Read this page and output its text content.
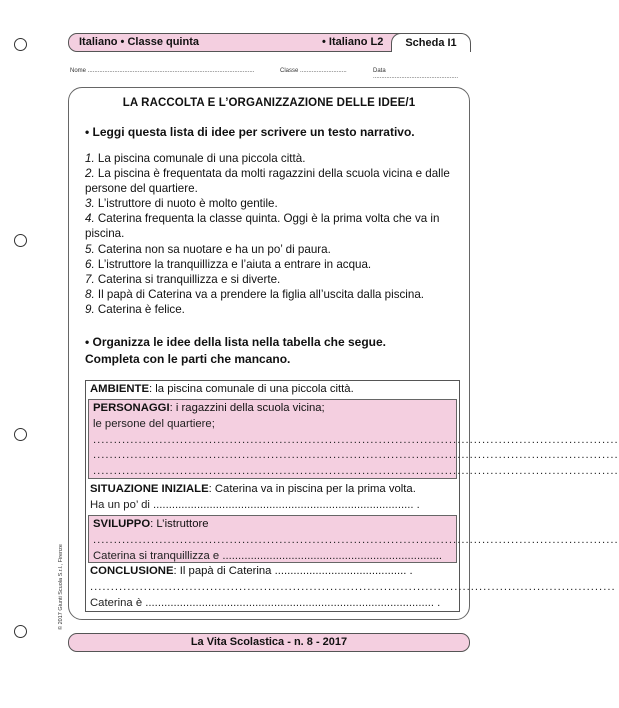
Italiano • Classe quinta	• Italiano L2	Scheda I1
Nome ....................................................................................................	Classe ............................	Data ...................................................
LA RACCOLTA E L’ORGANIZZAZIONE DELLE IDEE/1
• Leggi questa lista di idee per scrivere un testo narrativo.
1. La piscina comunale di una piccola città.
2. La piscina è frequentata da molti ragazzini della scuola vicina e dalle persone del quartiere.
3. L’istruttore di nuoto è molto gentile.
4. Caterina frequenta la classe quinta. Oggi è la prima volta che va in piscina.
5. Caterina non sa nuotare e ha un po’ di paura.
6. L’istruttore la tranquillizza e l’aiuta a entrare in acqua.
7. Caterina si tranquillizza e si diverte.
8. Il papà di Caterina va a prendere la figlia all’uscita dalla piscina.
9. Caterina è felice.
• Organizza le idee della lista nella tabella che segue.
Completa con le parti che mancano.
AMBIENTE: la piscina comunale di una piccola città.
PERSONAGGI: i ragazzini della scuola vicina;
le persone del quartiere;
...............................................................................................................................
...............................................................................................................................
...............................................................................................................................
SITUAZIONE INIZIALE: Caterina va in piscina per la prima volta.
Ha un po’ di ................................................................................... .
SVILUPPO: L’istruttore
...............................................................................................................................
Caterina si tranquillizza e ......................................................................
CONCLUSIONE: Il papà di Caterina .......................................... .
...............................................................................................................................
Caterina è ............................................................................................ .
La Vita Scolastica - n. 8 - 2017
© 2017 Giunti Scuola S.r.l., Firenze
